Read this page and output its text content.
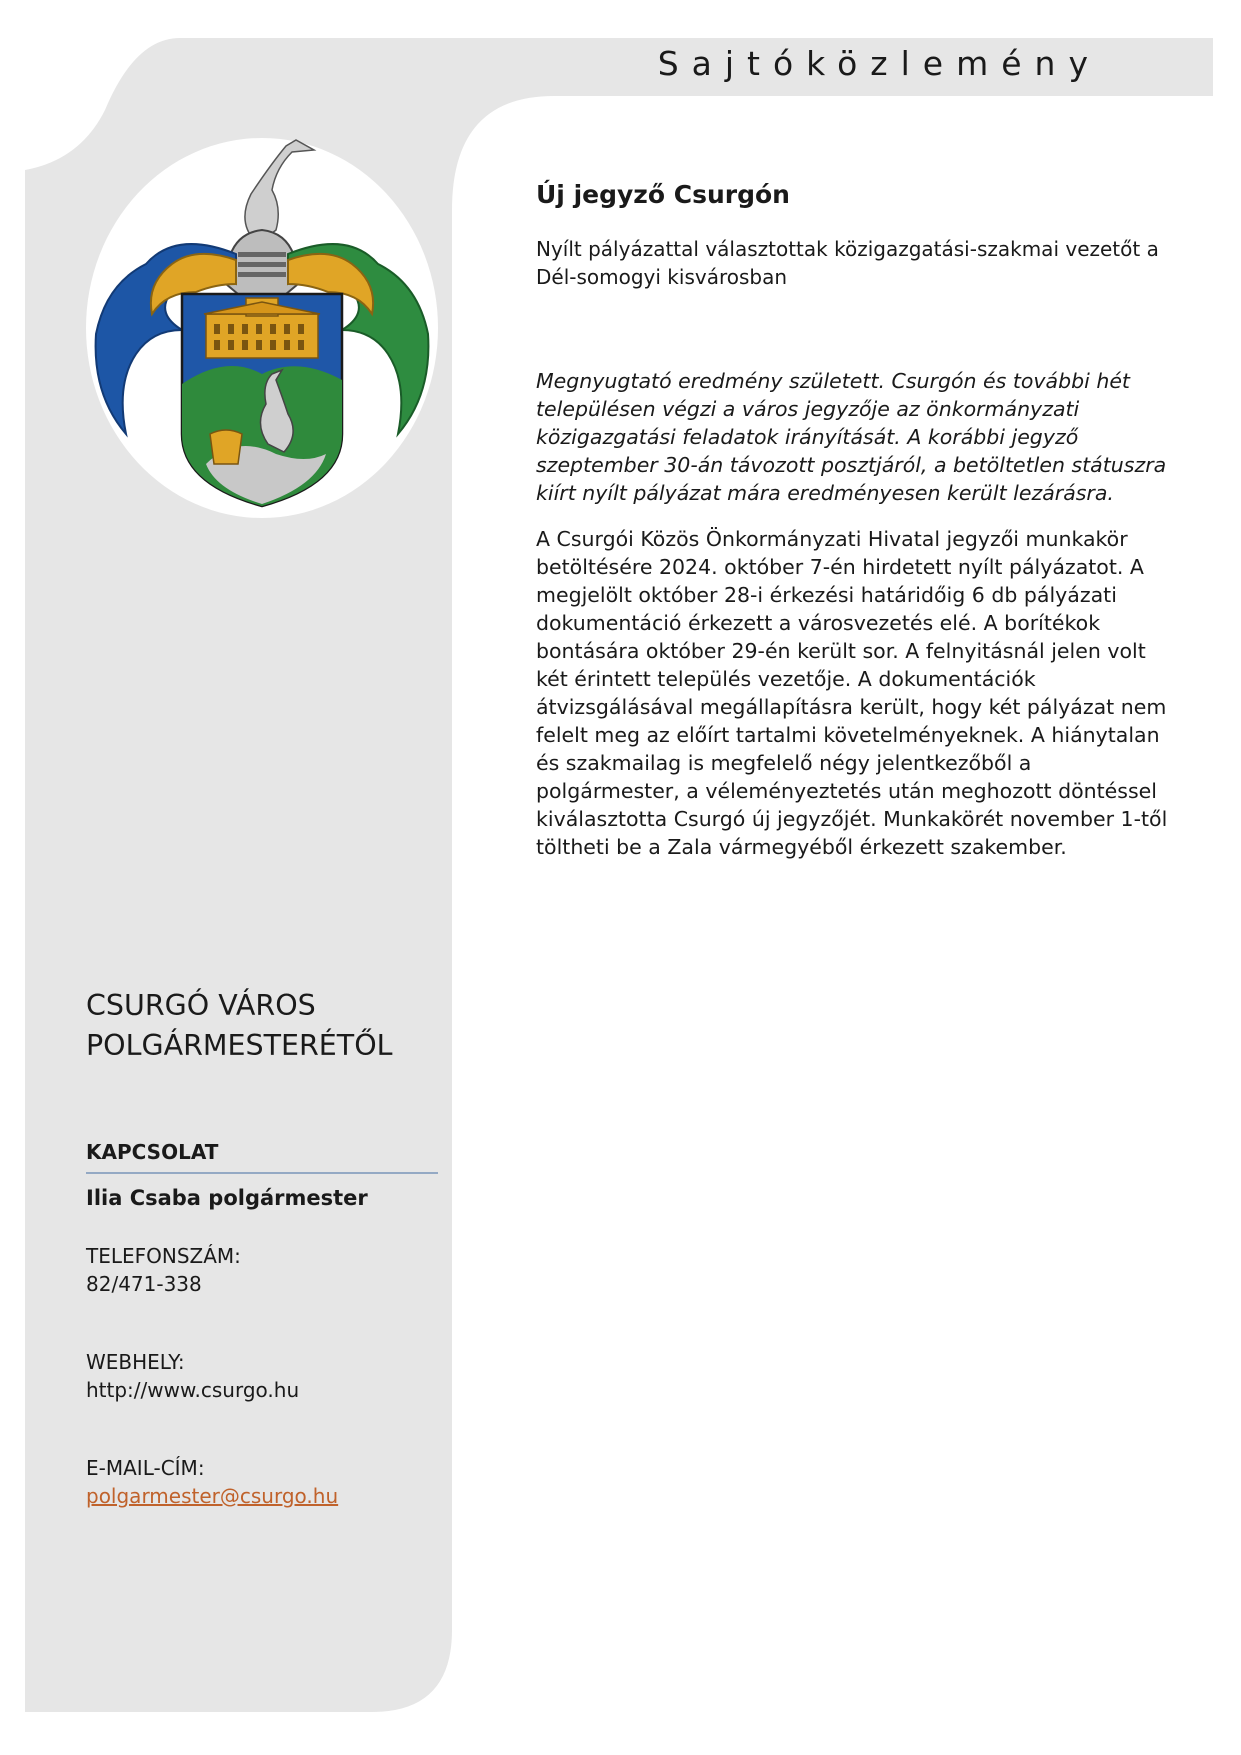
Sajtóközlemény
Új jegyző Csurgón

Nyílt pályázattal választottak közigazgatási-szakmai vezetőt a Dél-somogyi kisvárosban

Megnyugtató eredmény született. Csurgón és további hét településen végzi a város jegyzője az önkormányzati közigazgatási feladatok irányítását. A korábbi jegyző szeptember 30-án távozott posztjáról, a betöltetlen státuszra kiírt nyílt pályázat mára eredményesen került lezárásra.

A Csurgói Közös Önkormányzati Hivatal jegyzői munkakör betöltésére 2024. október 7-én hirdetett nyílt pályázatot. A megjelölt október 28-i érkezési határidőig 6 db pályázati dokumentáció érkezett a városvezetés elé. A borítékok bontására október 29-én került sor. A felnyitásnál jelen volt két érintett település vezetője. A dokumentációk átvizsgálásával megállapításra került, hogy két pályázat nem felelt meg az előírt tartalmi követelményeknek. A hiánytalan és szakmailag is megfelelő négy jelentkezőből a polgármester, a véleményeztetés után meghozott döntéssel kiválasztotta Csurgó új jegyzőjét. Munkakörét november 1-től töltheti be a Zala vármegyéből érkezett szakember.

CSURGÓ VÁROS
POLGÁRMESTERÉTŐL
KAPCSOLAT
Ilia Csaba polgármester
TELEFONSZÁM:
82/471-338
WEBHELY:
http://www.csurgo.hu
E-MAIL-CÍM:
polgarmester@csurgo.hu
